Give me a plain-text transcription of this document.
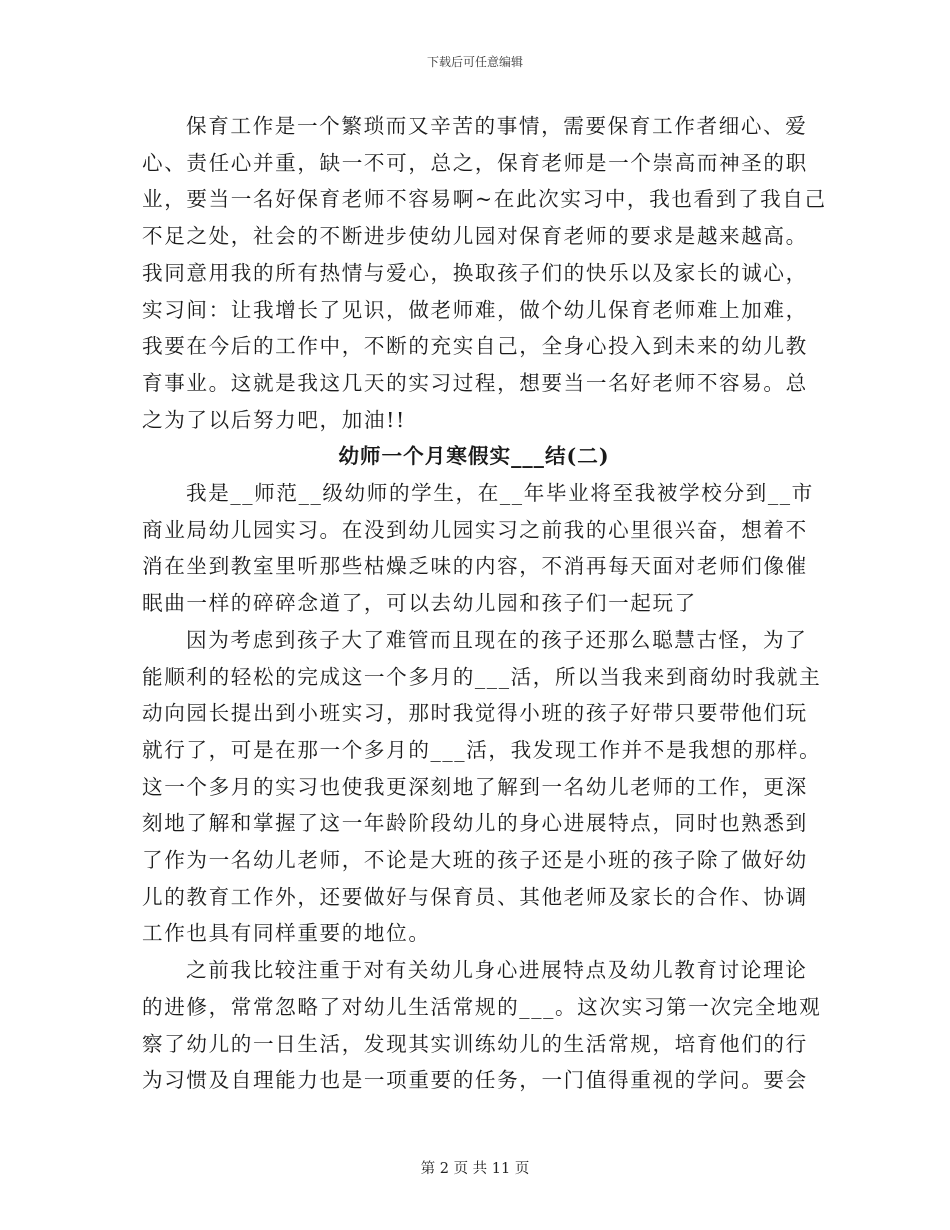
下载后可任意编辑
保育工作是一个繁琐而又辛苦的事情，需要保育工作者细心、爱
心、责任心并重，缺一不可，总之，保育老师是一个崇高而神圣的职
业，要当一名好保育老师不容易啊~在此次实习中，我也看到了我自己
不足之处，社会的不断进步使幼儿园对保育老师的要求是越来越高。
我同意用我的所有热情与爱心，换取孩子们的快乐以及家长的诚心，
实习间：让我增长了见识，做老师难，做个幼儿保育老师难上加难，
我要在今后的工作中，不断的充实自己，全身心投入到未来的幼儿教
育事业。这就是我这几天的实习过程，想要当一名好老师不容易。总
之为了以后努力吧，加油!!
幼师一个月寒假实___结(二)
我是__师范__级幼师的学生，在__年毕业将至我被学校分到__市
商业局幼儿园实习。在没到幼儿园实习之前我的心里很兴奋，想着不
消在坐到教室里听那些枯燥乏味的内容，不消再每天面对老师们像催
眠曲一样的碎碎念道了，可以去幼儿园和孩子们一起玩了
因为考虑到孩子大了难管而且现在的孩子还那么聪慧古怪，为了
能顺利的轻松的完成这一个多月的___活，所以当我来到商幼时我就主
动向园长提出到小班实习，那时我觉得小班的孩子好带只要带他们玩
就行了，可是在那一个多月的___活，我发现工作并不是我想的那样。
这一个多月的实习也使我更深刻地了解到一名幼儿老师的工作，更深
刻地了解和掌握了这一年龄阶段幼儿的身心进展特点，同时也熟悉到
了作为一名幼儿老师，不论是大班的孩子还是小班的孩子除了做好幼
儿的教育工作外，还要做好与保育员、其他老师及家长的合作、协调
工作也具有同样重要的地位。
之前我比较注重于对有关幼儿身心进展特点及幼儿教育讨论理论
的进修，常常忽略了对幼儿生活常规的___。这次实习第一次完全地观
察了幼儿的一日生活，发现其实训练幼儿的生活常规，培育他们的行
为习惯及自理能力也是一项重要的任务，一门值得重视的学问。要会
第 2 页 共 11 页
